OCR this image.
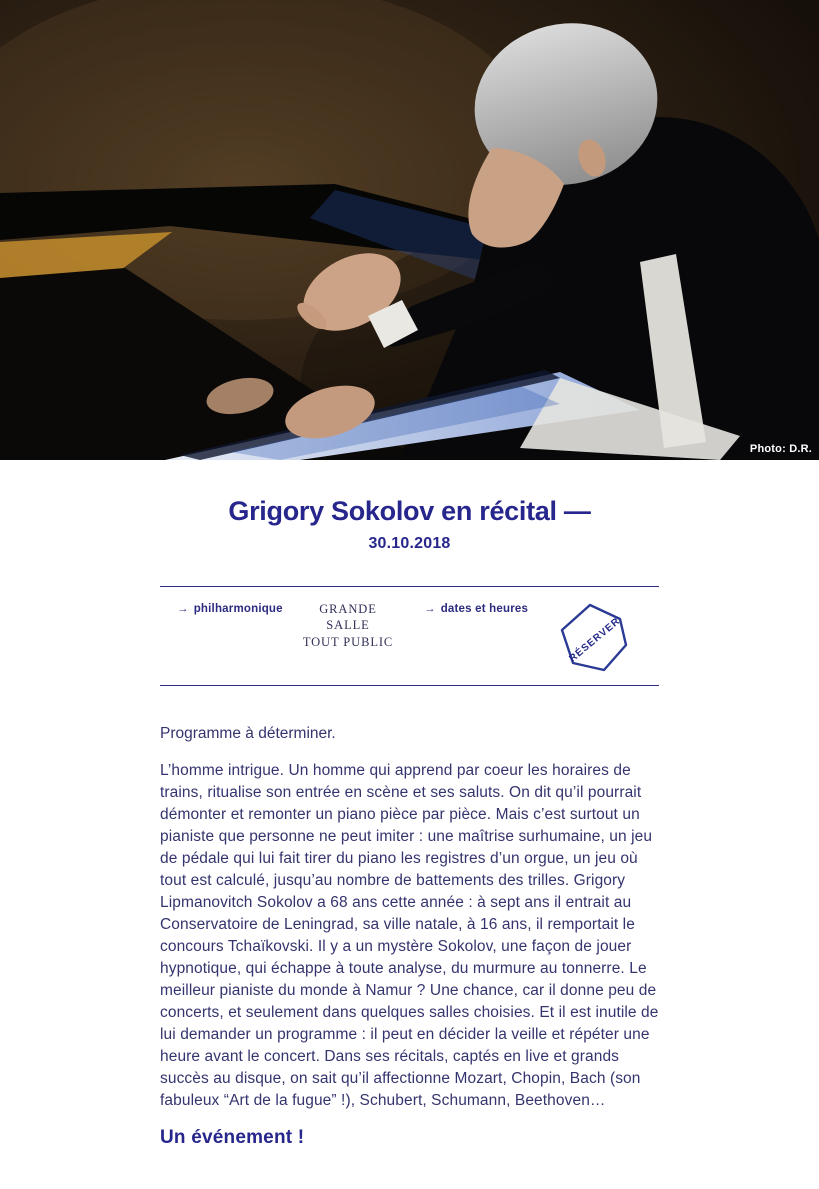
Photo: D.R.
Grigory Sokolov en récital —
30.10.2018
→ philharmonique	GRANDE SALLE
TOUT PUBLIC
→ dates et heures
RÉSERVER

Programme à déterminer.

L’homme intrigue. Un homme qui apprend par coeur les horaires de trains, ritualise son entrée en scène et ses saluts. On dit qu’il pourrait démonter et remonter un piano pièce par pièce. Mais c’est surtout un pianiste que personne ne peut imiter : une maîtrise surhumaine, un jeu de pédale qui lui fait tirer du piano les registres d’un orgue, un jeu où tout est calculé, jusqu’au nombre de battements des trilles. Grigory Lipmanovitch Sokolov a 68 ans cette année : à sept ans il entrait au Conservatoire de Leningrad, sa ville natale, à 16 ans, il remportait le concours Tchaïkovski. Il y a un mystère Sokolov, une façon de jouer hypnotique, qui échappe à toute analyse, du murmure au tonnerre. Le meilleur pianiste du monde à Namur ? Une chance, car il donne peu de concerts, et seulement dans quelques salles choisies. Et il est inutile de lui demander un programme : il peut en décider la veille et répéter une heure avant le concert. Dans ses récitals, captés en live et grands succès au disque, on sait qu’il affectionne Mozart, Chopin, Bach (son fabuleux “Art de la fugue” !), Schubert, Schumann, Beethoven…

Un événement !
